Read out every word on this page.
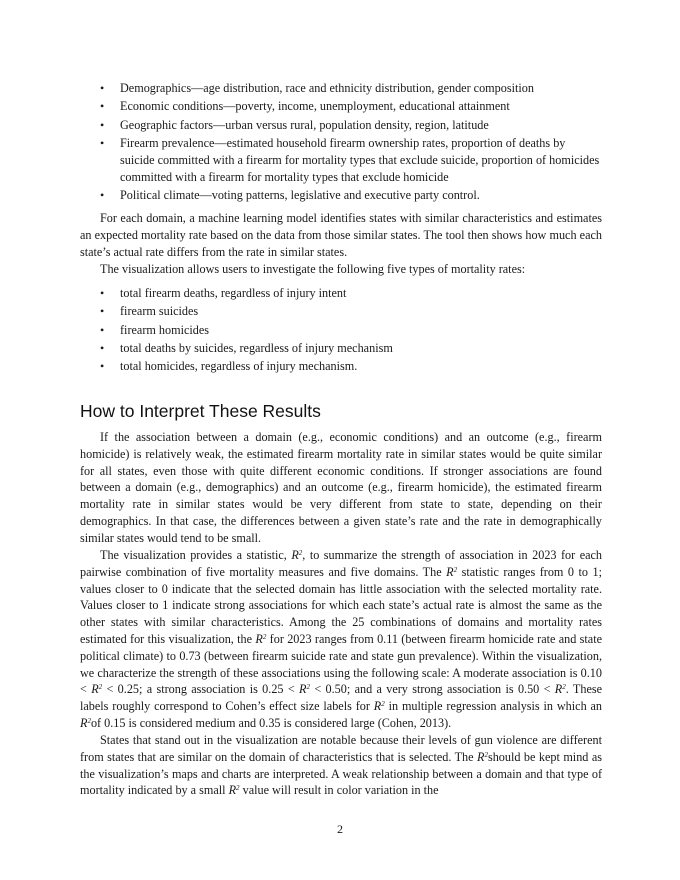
• Demographics—age distribution, race and ethnicity distribution, gender composition
• Economic conditions—poverty, income, unemployment, educational attainment
• Geographic factors—urban versus rural, population density, region, latitude
• Firearm prevalence—estimated household firearm ownership rates, proportion of deaths by suicide committed with a firearm for mortality types that exclude suicide, proportion of homicides committed with a firearm for mortality types that exclude homicide
• Political climate—voting patterns, legislative and executive party control.

For each domain, a machine learning model identifies states with similar characteristics and estimates an expected mortality rate based on the data from those similar states. The tool then shows how much each state’s actual rate differs from the rate in similar states.

The visualization allows users to investigate the following five types of mortality rates:

• total firearm deaths, regardless of injury intent
• firearm suicides
• firearm homicides
• total deaths by suicides, regardless of injury mechanism
• total homicides, regardless of injury mechanism.
How to Interpret These Results

If the association between a domain (e.g., economic conditions) and an outcome (e.g., firearm homicide) is relatively weak, the estimated firearm mortality rate in similar states would be quite similar for all states, even those with quite different economic conditions. If stronger associations are found between a domain (e.g., demographics) and an outcome (e.g., firearm homicide), the estimated firearm mortality rate in similar states would be very different from state to state, depending on their demographics. In that case, the differences between a given state’s rate and the rate in demographically similar states would tend to be small.

The visualization provides a statistic, $R^2$, to summarize the strength of association in 2023 for each pairwise combination of five mortality measures and five domains. The $R^2$ statistic ranges from 0 to 1; values closer to 0 indicate that the selected domain has little association with the selected mortality rate. Values closer to 1 indicate strong associations for which each state’s actual rate is almost the same as the other states with similar characteristics. Among the 25 combinations of domains and mortality rates estimated for this visualization, the $R^2$ for 2023 ranges from 0.11 (between firearm homicide rate and state political climate) to 0.73 (between firearm suicide rate and state gun prevalence). Within the visualization, we characterize the strength of these associations using the following scale: A moderate association is $0.10 < R^2 < 0.25$; a strong association is $0.25 < R^2 < 0.50$; and a very strong association is $0.50 < R^2$. These labels roughly correspond to Cohen’s effect size labels for $R^2$ in multiple regression analysis in which an $R^2of$ 0.15 is considered medium and 0.35 is considered large (Cohen, 2013).

States that stand out in the visualization are notable because their levels of gun violence are different from states that are similar on the domain of characteristics that is selected. The $R^2should$ be kept mind as the visualization’s maps and charts are interpreted. A weak relationship between a domain and that type of mortality indicated by a small $R^2$ value will result in color variation in the

2
